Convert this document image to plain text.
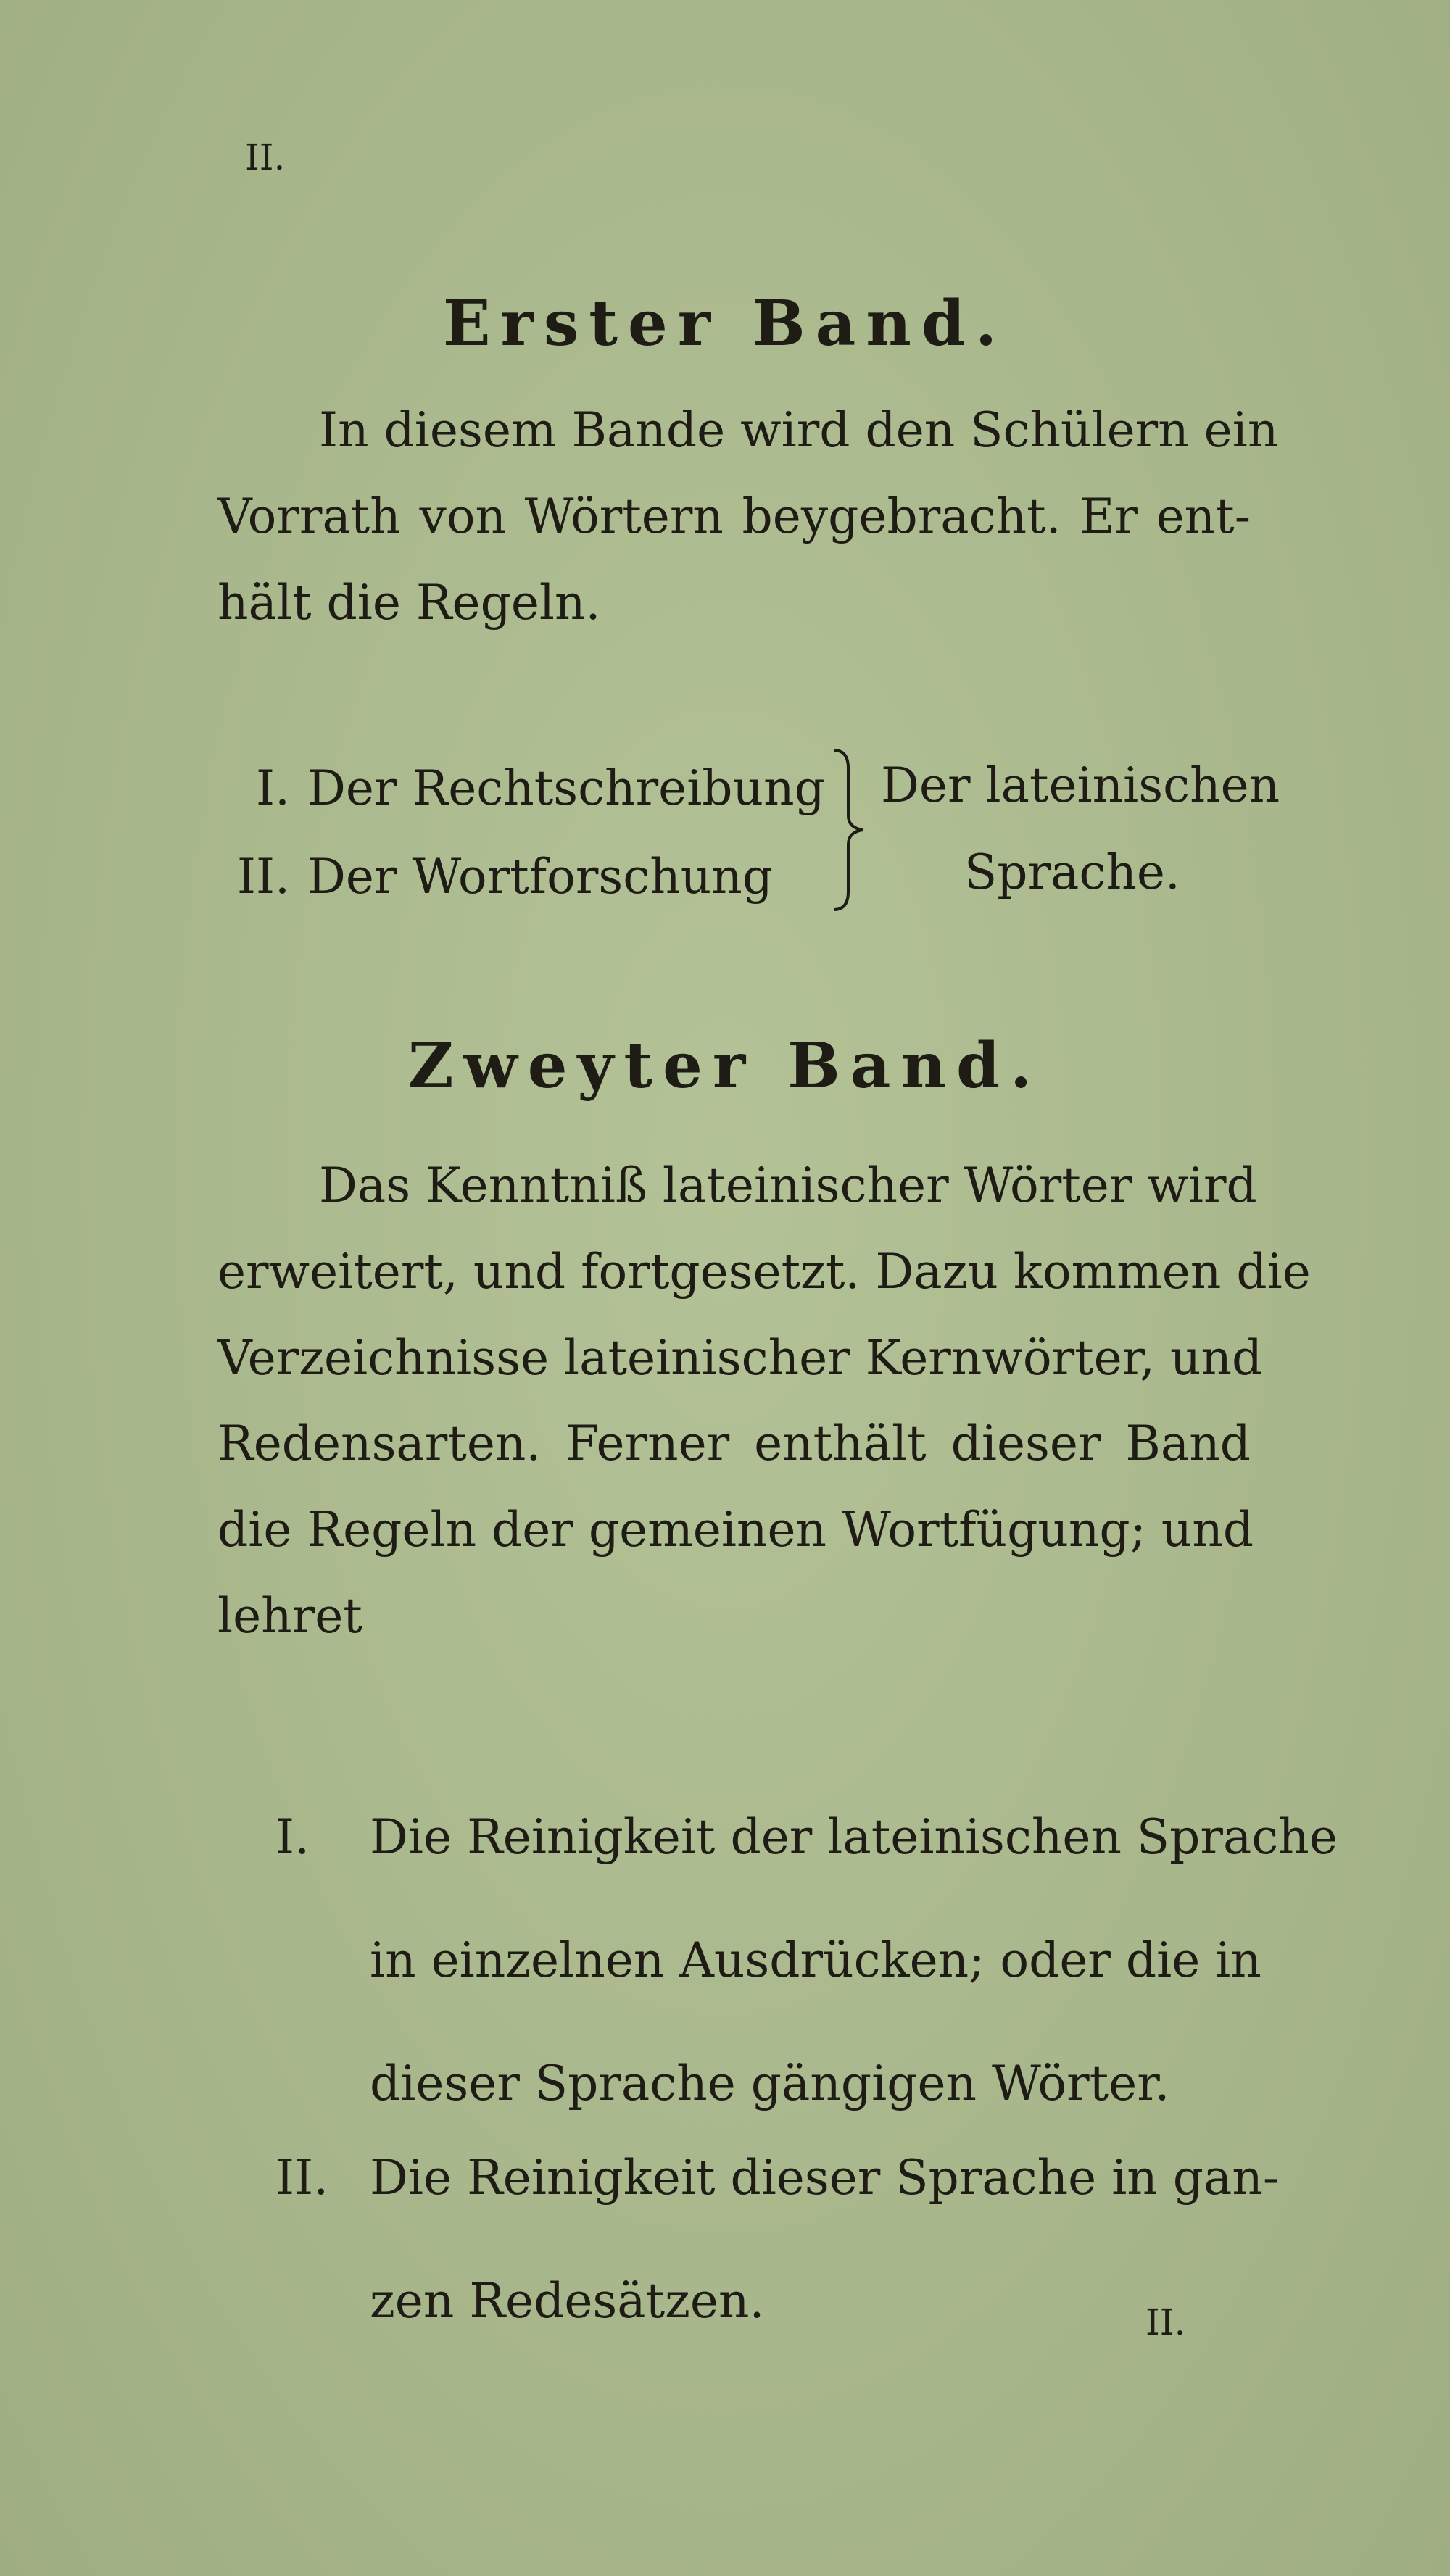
II.
Erster Band.
In diesem Bande wird den Schülern ein
Vorrath von Wörtern beygebracht. Er ent-
hält die Regeln.
I. Der Rechtschreibung
II. Der Wortforschung
Der lateinischen
Sprache.
Zweyter Band.
Das Kenntniß lateinischer Wörter wird
erweitert, und fortgesetzt. Dazu kommen die
Verzeichnisse lateinischer Kernwörter, und
Redensarten. Ferner enthält dieser Band
die Regeln der gemeinen Wortfügung; und
lehret
I. Die Reinigkeit der lateinischen Sprache
in einzelnen Ausdrücken; oder die in
dieser Sprache gängigen Wörter.
II. Die Reinigkeit dieser Sprache in gan-
zen Redesätzen.	II.
